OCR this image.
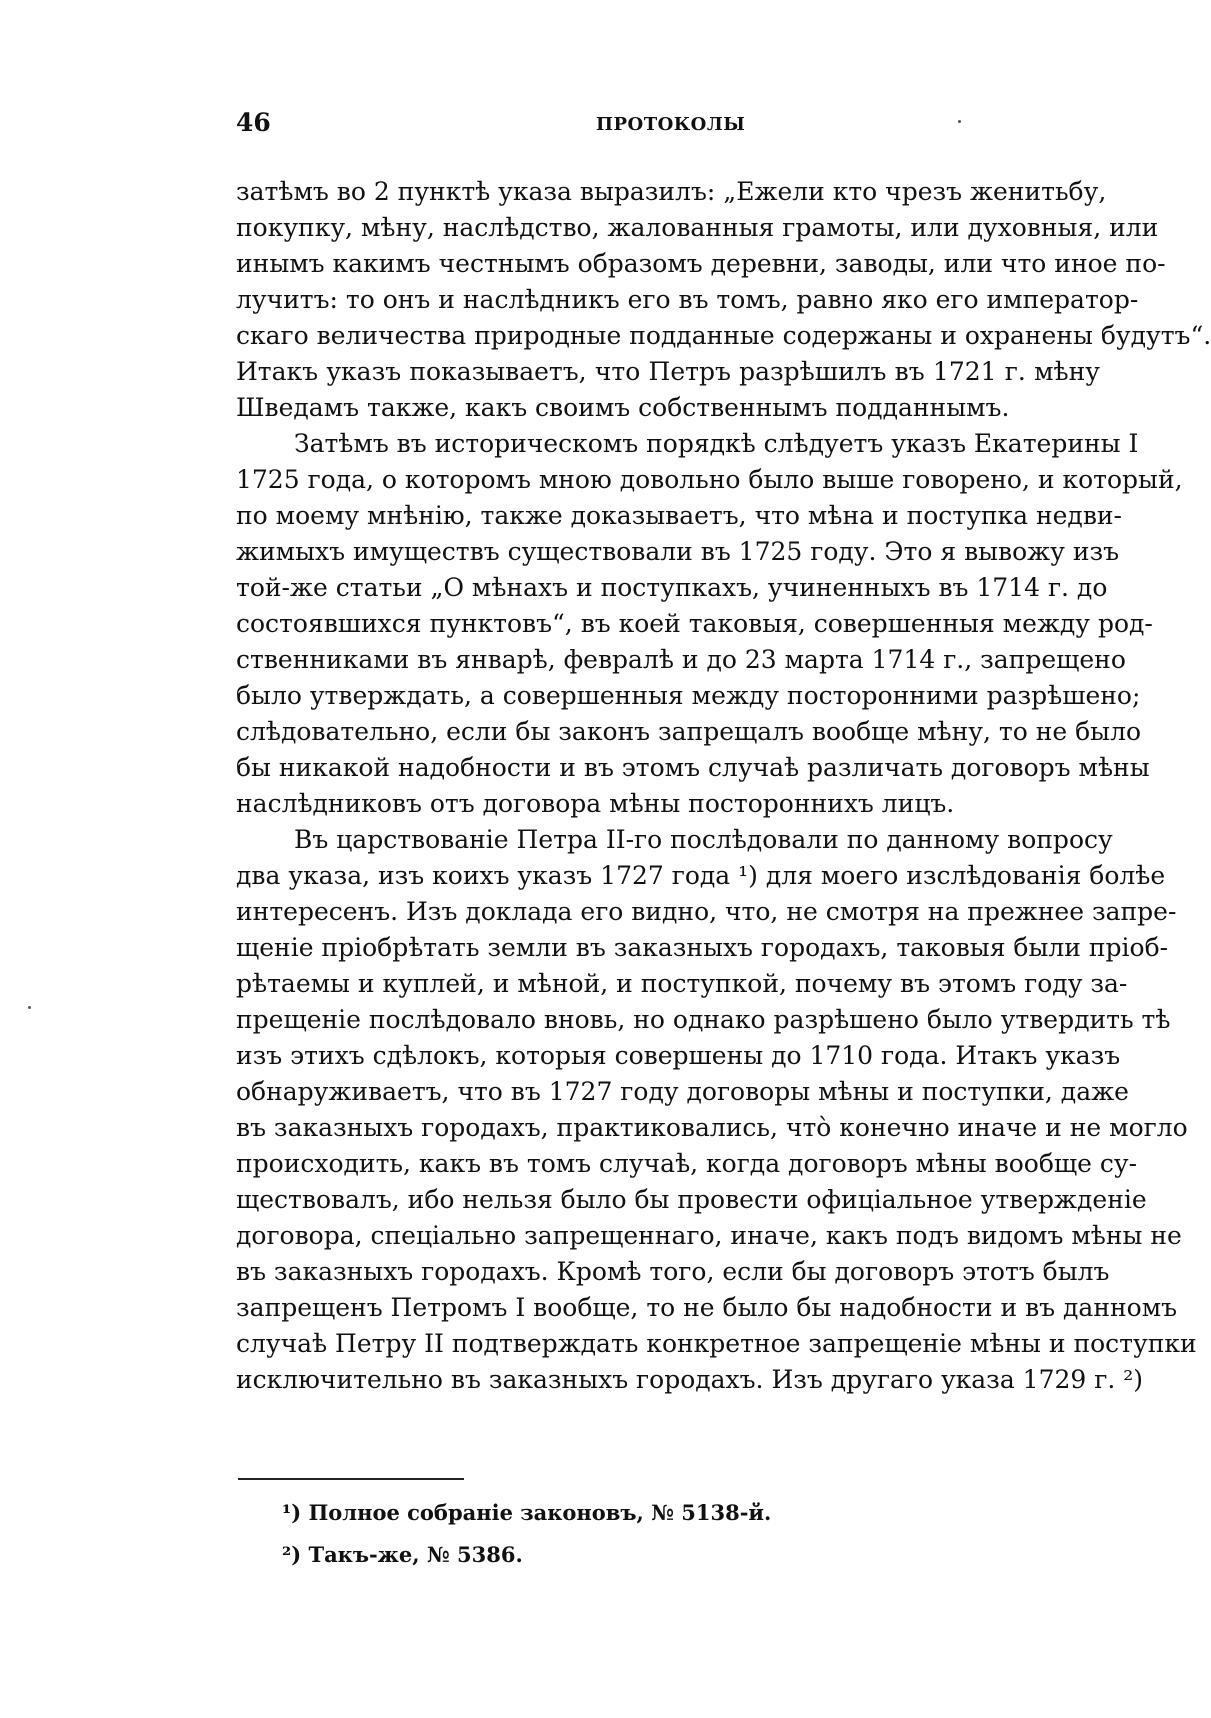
46	ПРОТОКОЛЫ
затѣмъ во 2 пунктѣ указа выразилъ: „Ежели кто чрезъ женитьбу,
покупку, мѣну, наслѣдство, жалованныя грамоты, или духовныя, или
инымъ какимъ честнымъ образомъ деревни, заводы, или что иное по-
лучитъ: то онъ и наслѣдникъ его въ томъ, равно яко его император-
скаго величества природные подданные содержаны и охранены будутъ“.
Итакъ указъ показываетъ, что Петръ разрѣшилъ въ 1721 г. мѣну
Шведамъ также, какъ своимъ собственнымъ подданнымъ.
Затѣмъ въ историческомъ порядкѣ слѣдуетъ указъ Екатерины I
1725 года, о которомъ мною довольно было выше говорено, и который,
по моему мнѣнію, также доказываетъ, что мѣна и поступка недви-
жимыхъ имуществъ существовали въ 1725 году. Это я вывожу изъ
той-же статьи „О мѣнахъ и поступкахъ, учиненныхъ въ 1714 г. до
состоявшихся пунктовъ“, въ коей таковыя, совершенныя между род-
ственниками въ январѣ, февралѣ и до 23 марта 1714 г., запрещено
было утверждать, а совершенныя между посторонними разрѣшено;
слѣдовательно, если бы законъ запрещалъ вообще мѣну, то не было
бы никакой надобности и въ этомъ случаѣ различать договоръ мѣны
наслѣдниковъ отъ договора мѣны постороннихъ лицъ.
Въ царствованіе Петра II-го послѣдовали по данному вопросу
два указа, изъ коихъ указъ 1727 года ¹) для моего изслѣдованія болѣе
интересенъ. Изъ доклада его видно, что, не смотря на прежнее запре-
щеніе пріобрѣтать земли въ заказныхъ городахъ, таковыя были пріоб-
рѣтаемы и куплей, и мѣной, и поступкой, почему въ этомъ году за-
прещеніе послѣдовало вновь, но однако разрѣшено было утвердить тѣ
изъ этихъ сдѣлокъ, которыя совершены до 1710 года. Итакъ указъ
обнаруживаетъ, что въ 1727 году договоры мѣны и поступки, даже
въ заказныхъ городахъ, практиковались, что̀ конечно иначе и не могло
происходить, какъ въ томъ случаѣ, когда договоръ мѣны вообще су-
ществовалъ, ибо нельзя было бы провести офиціальное утвержденіе
договора, спеціально запрещеннаго, иначе, какъ подъ видомъ мѣны не
въ заказныхъ городахъ. Кромѣ того, если бы договоръ этотъ былъ
запрещенъ Петромъ I вообще, то не было бы надобности и въ данномъ
случаѣ Петру II подтверждать конкретное запрещеніе мѣны и поступки
исключительно въ заказныхъ городахъ. Изъ другаго указа 1729 г. ²)
¹) Полное собраніе законовъ, № 5138-й.
²) Такъ-же, № 5386.
